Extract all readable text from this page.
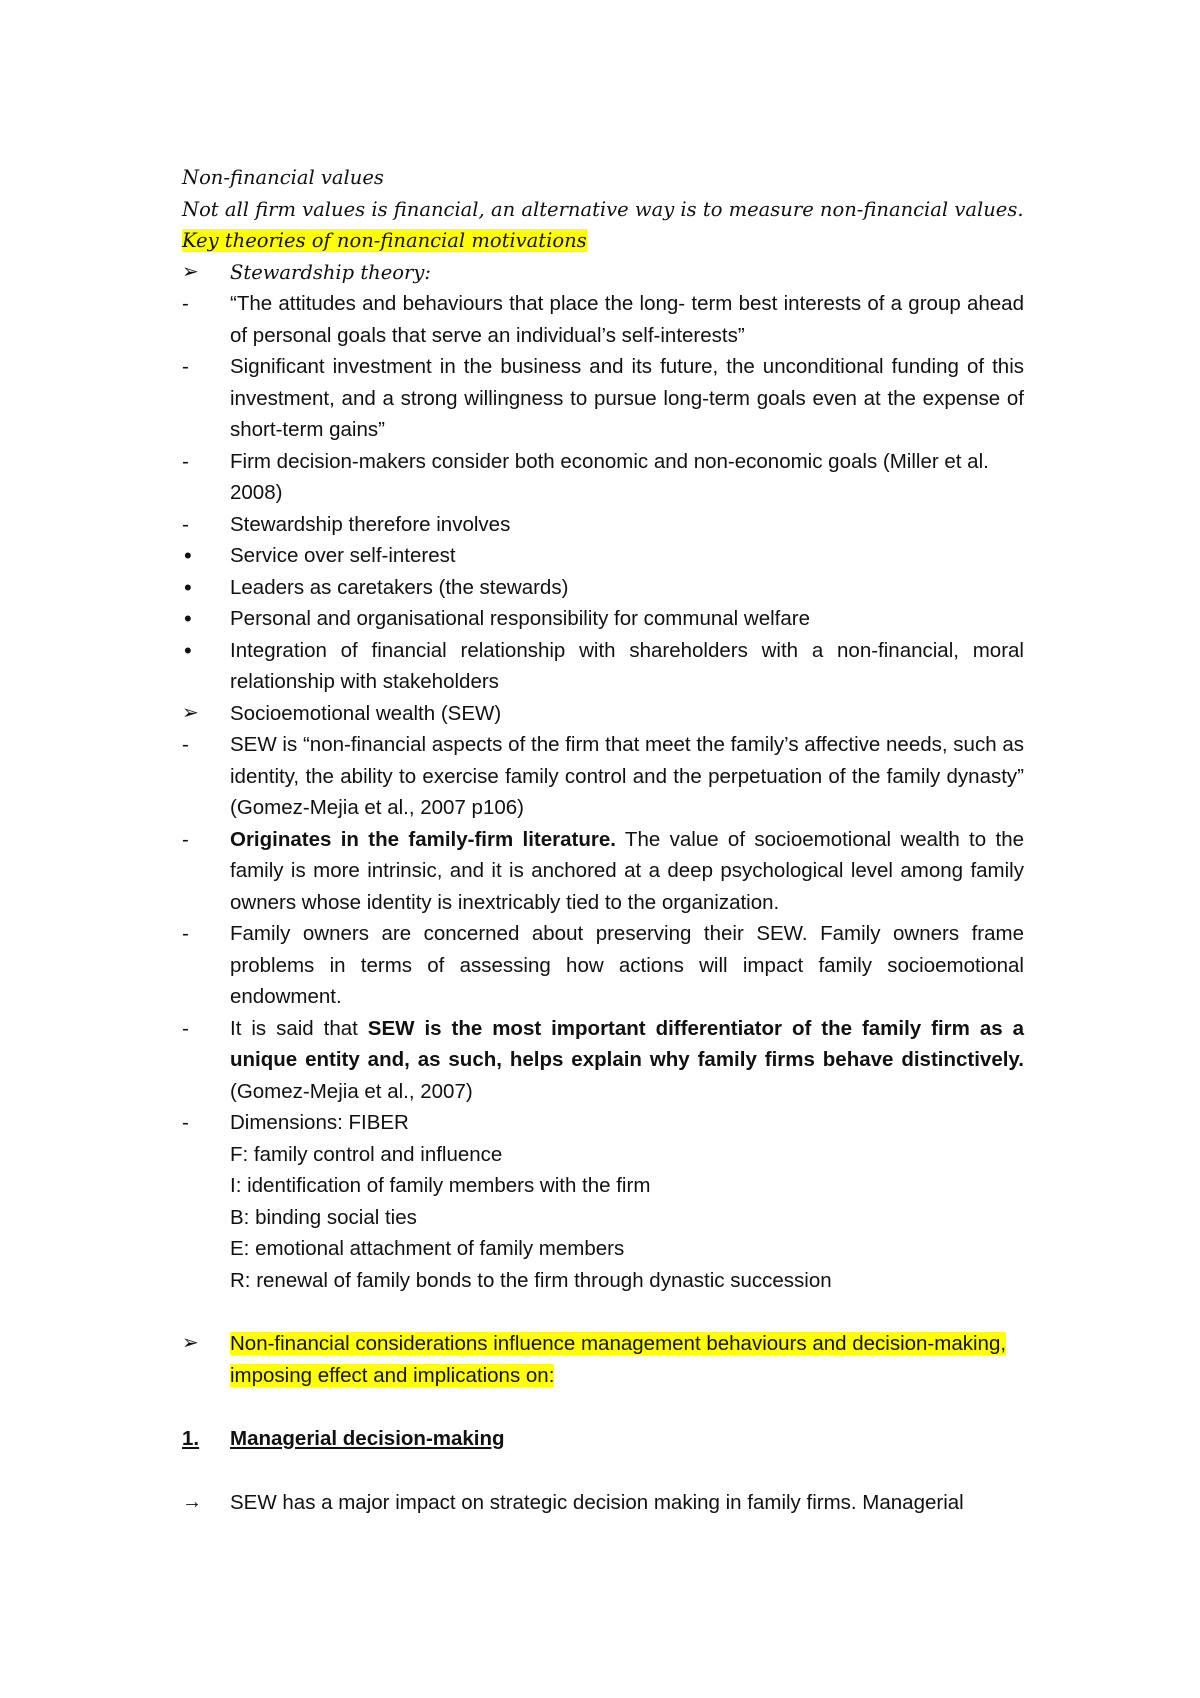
Non-financial values

Not all firm values is financial, an alternative way is to measure non-financial values.

Key theories of non-financial motivations

➢	Stewardship theory:
-	“The attitudes and behaviours that place the long- term best interests of a group ahead of personal goals that serve an individual’s self-interests”
-	Significant investment in the business and its future, the unconditional funding of this investment, and a strong willingness to pursue long-term goals even at the expense of short-term gains”
-	Firm decision-makers consider both economic and non-economic goals (Miller et al. 2008)
-	Stewardship therefore involves
•	Service over self-interest
•	Leaders as caretakers (the stewards)
•	Personal and organisational responsibility for communal welfare
•	Integration of financial relationship with shareholders with a non-financial, moral relationship with stakeholders
➢	Socioemotional wealth (SEW)
-	SEW is “non-financial aspects of the firm that meet the family’s affective needs, such as identity, the ability to exercise family control and the perpetuation of the family dynasty” (Gomez-Mejia et al., 2007 p106)
-	Originates in the family-firm literature. The value of socioemotional wealth to the family is more intrinsic, and it is anchored at a deep psychological level among family owners whose identity is inextricably tied to the organization.
-	Family owners are concerned about preserving their SEW. Family owners frame problems in terms of assessing how actions will impact family socioemotional endowment.
-	It is said that SEW is the most important differentiator of the family firm as a unique entity and, as such, helps explain why family firms behave distinctively. (Gomez-Mejia et al., 2007)
-	Dimensions: FIBER
F: family control and influence
I: identification of family members with the firm
B: binding social ties
E: emotional attachment of family members
R: renewal of family bonds to the firm through dynastic succession
➢	Non-financial considerations influence management behaviours and decision-making, imposing effect and implications on:
1.	Managerial decision-making
→	SEW has a major impact on strategic decision making in family firms. Managerial
